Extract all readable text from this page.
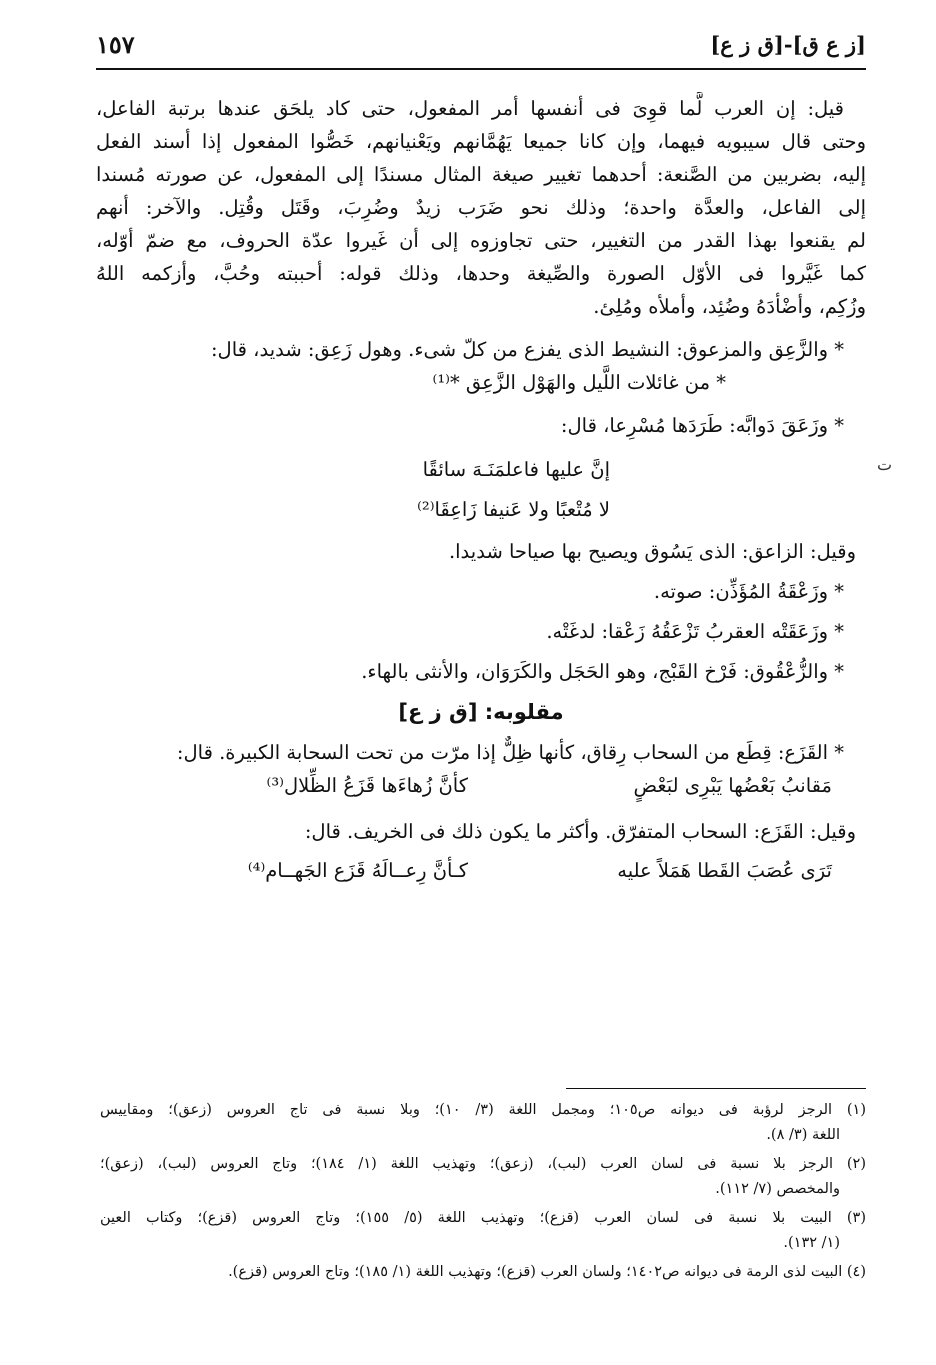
[ز ع ق]-[ق ز ع]
١٥٧
ت
قيل: إن العرب لَّما قوِىَ فى أنفسها أمر المفعول، حتى كاد يلحَق عندها برتبة الفاعل،
وحتى قال سيبويه فيهما، وإن كانا جميعا يَهُمَّانهم ويَعْنيانهم، خَصُّوا المفعول إذا أسند الفعل
إليه، بضربين من الصَّنعة: أحدهما تغيير صيغة المثال مسندًا إلى المفعول، عن صورته مُسندا
إلى الفاعل، والعدَّة واحدة؛ وذلك نحو ضَرَب زيدٌ وضُرِبَ، وقَتَل وقُتِل. والآخر: أنهم
لم يقنعوا بهذا القدر من التغيير، حتى تجاوزوه إلى أن غَيروا عدّة الحروف، مع ضمّ أوّله،
كما غَيَّروا فى الأوّل الصورة والصِّيغة وحدها، وذلك قوله: أحببته وحُبَّ، وأزكمه اللهُ
وزُكِم، وأضْأدَهُ وضُئِد، وأملأه ومُلِئ.
* والزَّعِق والمزعوق: النشيط الذى يفزع من كلّ شىء. وهول زَعِق: شديد، قال:
* من غائلات اللَّيل والهَوْل الزَّعِق *⁽¹⁾
* وزَعَقَ دَوابَّه: طَرَدَها مُسْرِعا، قال:
إنَّ عليها فاعلمَنَـهَ سائقًا
لا مُتْعبًا ولا عَنيفا زَاعِقَا⁽²⁾
وقيل: الزاعق: الذى يَسُوق ويصيح بها صياحا شديدا.
* وزَعْقَةُ المُؤَذِّن: صوته.
* وزَعَقَتْه العقربُ تَزْعَقُهُ زَعْقا: لدغَتْه.
* والزُّعْقُوق: فَرْخ القَبْج، وهو الحَجَل والكَرَوَان، والأنثى بالهاء.
مقلوبه: [ق ز ع]
* القَزَع: قِطَع من السحاب رِقاق، كأنها ظِلٌّ إذا مرّت من تحت السحابة الكبيرة. قال:
مَقانبُ بَعْضُها يَبْرِى لبَعْضٍ
كأنَّ زُهاءَها قَزَعُ الظِّلال⁽³⁾
وقيل: القَزَع: السحاب المتفرّق. وأكثر ما يكون ذلك فى الخريف. قال:
تَرَى عُصَبَ القَطا هَمَلاً عليه
كـأنَّ رِعــالَهُ قَزَع الجَهــام⁽⁴⁾
(١) الرجز لرؤبة فى ديوانه ص١٠٥؛ ومجمل اللغة (٣/ ١٠)؛ وبلا نسبة فى تاج العروس (زعق)؛ ومقاييس
اللغة (٣/ ٨).
(٢) الرجز بلا نسبة فى لسان العرب (لبب)، (زعق)؛ وتهذيب اللغة (١/ ١٨٤)؛ وتاج العروس (لبب)، (زعق)؛
والمخصص (٧/ ١١٢).
(٣) البيت بلا نسبة فى لسان العرب (قزع)؛ وتهذيب اللغة (٥/ ١٥٥)؛ وتاج العروس (قزع)؛ وكتاب العين
(١/ ١٣٢).
(٤) البيت لذى الرمة فى ديوانه ص١٤٠٢؛ ولسان العرب (قزع)؛ وتهذيب اللغة (١/ ١٨٥)؛ وتاج العروس (قزع).
